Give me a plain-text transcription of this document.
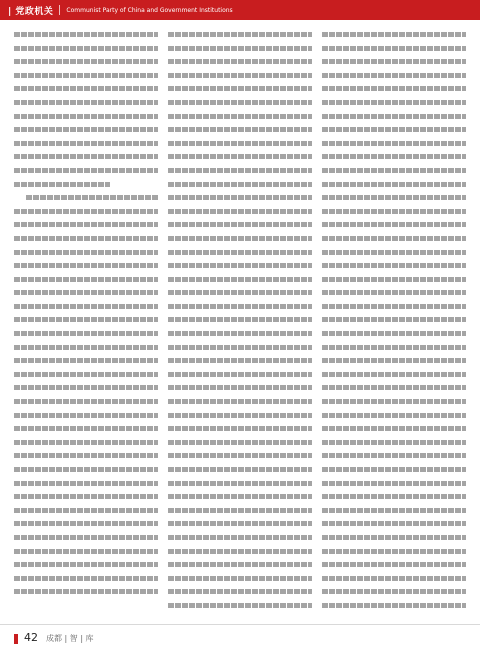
| 党政机关 Communist Party of China and Government Institutions
42 成都 | 智 | 库
